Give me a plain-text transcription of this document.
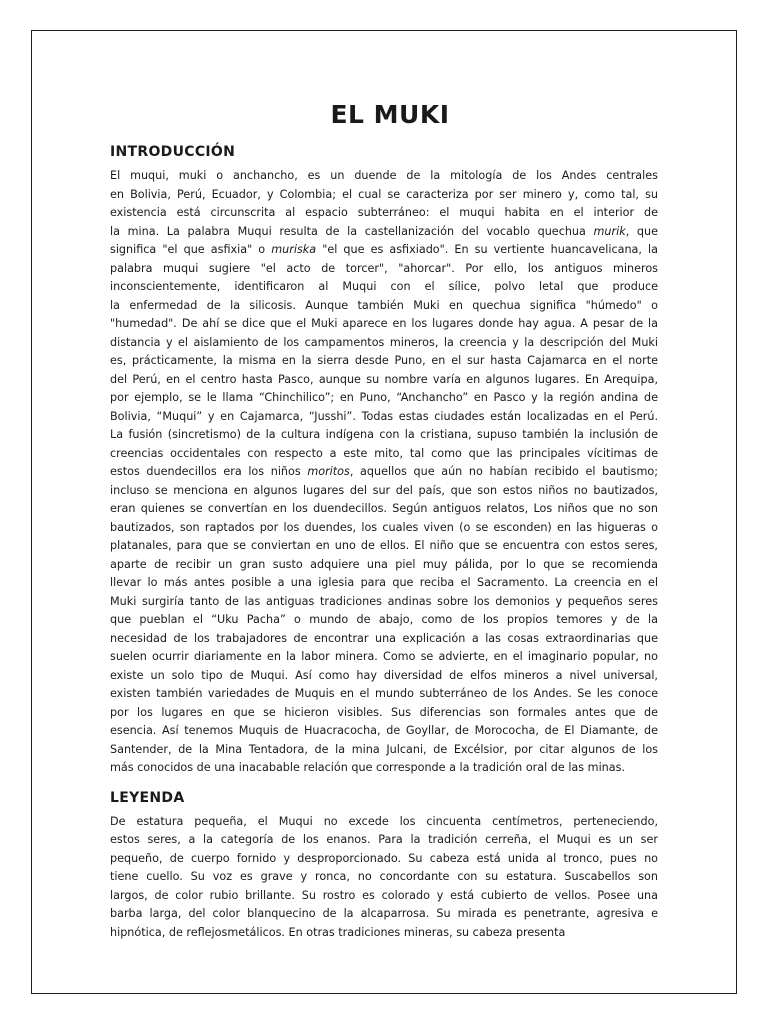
EL MUKI
INTRODUCCIÓN

El muqui, muki o anchancho, es un duende de la mitología de los Andes centrales
en Bolivia, Perú, Ecuador, y Colombia; el cual se caracteriza por ser minero y, como tal, su
existencia está circunscrita al espacio subterráneo: el muqui habita en el interior de
la mina. La palabra Muqui resulta de la castellanización del vocablo quechua murik, que
significa "el que asfixia" o muriska "el que es asfixiado". En su vertiente huancavelicana, la
palabra muqui sugiere "el acto de torcer", "ahorcar". Por ello, los antiguos mineros
inconscientemente, identificaron al Muqui con el sílice, polvo letal que produce
la enfermedad de la silicosis. Aunque también Muki en quechua significa "húmedo" o
"humedad". De ahí se dice que el Muki aparece en los lugares donde hay agua. A pesar de la
distancia y el aislamiento de los campamentos mineros, la creencia y la descripción del Muki
es, prácticamente, la misma en la sierra desde Puno, en el sur hasta Cajamarca en el norte
del Perú, en el centro hasta Pasco, aunque su nombre varía en algunos lugares. En Arequipa,
por ejemplo, se le llama “Chinchilico”; en Puno, “Anchancho” en Pasco y la región andina de
Bolivia, “Muqui” y en Cajamarca, “Jusshi”. Todas estas ciudades están localizadas en el Perú.
La fusión (sincretismo) de la cultura indígena con la cristiana, supuso también la inclusión de
creencias occidentales con respecto a este mito, tal como que las principales vícitimas de
estos duendecillos era los niños moritos, aquellos que aún no habían recibido el bautismo;
incluso se menciona en algunos lugares del sur del país, que son estos niños no bautizados,
eran quienes se convertían en los duendecillos. Según antiguos relatos, Los niños que no son
bautizados, son raptados por los duendes, los cuales viven (o se esconden) en las higueras o
platanales, para que se conviertan en uno de ellos. El niño que se encuentra con estos seres,
aparte de recibir un gran susto adquiere una piel muy pálida, por lo que se recomienda
llevar lo más antes posible a una iglesia para que reciba el Sacramento. La creencia en el
Muki surgiría tanto de las antiguas tradiciones andinas sobre los demonios y pequeños seres
que pueblan el “Uku Pacha” o mundo de abajo, como de los propios temores y de la
necesidad de los trabajadores de encontrar una explicación a las cosas extraordinarias que
suelen ocurrir diariamente en la labor minera. Como se advierte, en el imaginario popular, no
existe un solo tipo de Muqui. Así como hay diversidad de elfos mineros a nivel universal,
existen también variedades de Muquis en el mundo subterráneo de los Andes. Se les conoce
por los lugares en que se hicieron visibles. Sus diferencias son formales antes que de
esencia. Así tenemos Muquis de Huacracocha, de Goyllar, de Morococha, de El Diamante, de
Santender, de la Mina Tentadora, de la mina Julcani, de Excélsior, por citar algunos de los
más conocidos de una inacabable relación que corresponde a la tradición oral de las minas.

LEYENDA

De estatura pequeña, el Muqui no excede los cincuenta centímetros, perteneciendo,
estos seres, a la categoría de los enanos. Para la tradición cerreña, el Muqui es un ser
pequeño, de cuerpo fornido y desproporcionado. Su cabeza está unida al tronco, pues no
tiene cuello. Su voz es grave y ronca, no concordante con su estatura. Suscabellos son
largos, de color rubio brillante. Su rostro es colorado y está cubierto de vellos. Posee una
barba larga, del color blanquecino de la alcaparrosa. Su mirada es penetrante, agresiva e
hipnótica, de reflejosmetálicos. En otras tradiciones mineras, su cabeza presenta
